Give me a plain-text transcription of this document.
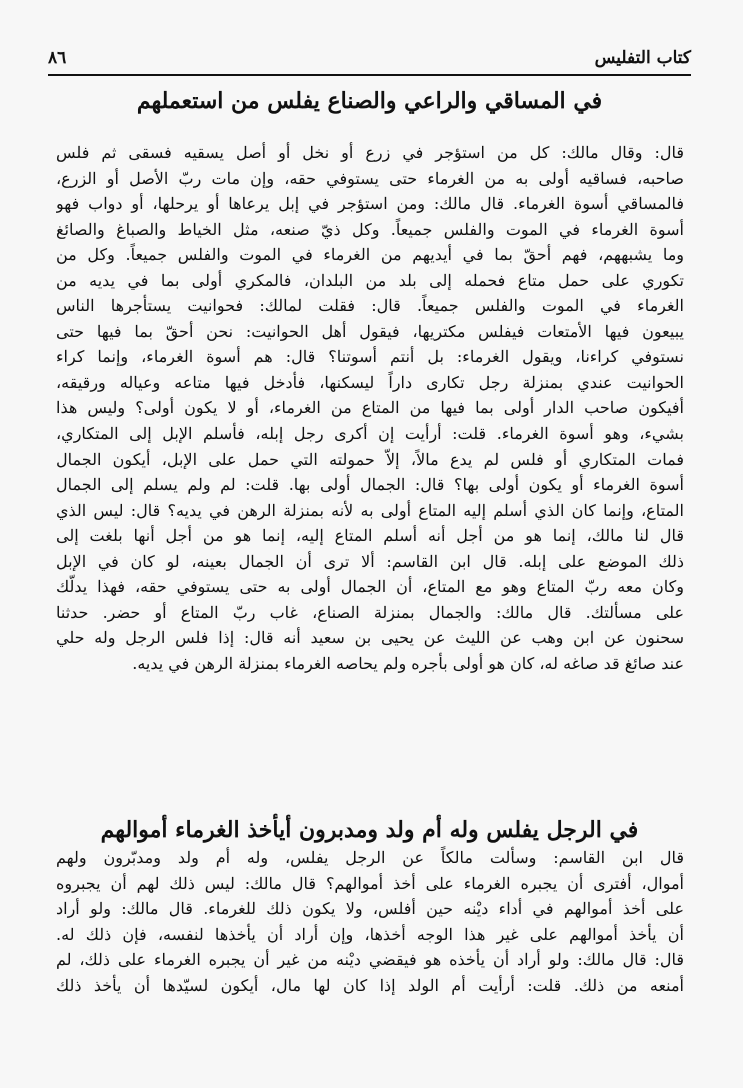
كتاب التفليس
٨٦
في المساقي والراعي والصناع يفلس من استعملهم
قال: وقال مالك: كل من استؤجر في زرع أو نخل أو أصل يسقيه فسقى ثم فلس
صاحبه، فساقيه أولى به من الغرماء حتى يستوفي حقه، وإن مات ربّ الأصل أو الزرع،
فالمساقي أسوة الغرماء. قال مالك: ومن استؤجر في إبل يرعاها أو يرحلها، أو دواب فهو
أسوة الغرماء في الموت والفلس جميعاً. وكل ذيّ صنعه، مثل الخياط والصباغ والصائغ
وما يشبههم، فهم أحقّ بما في أيديهم من الغرماء في الموت والفلس جميعاً. وكل من
تكوري على حمل متاع فحمله إلى بلد من البلدان، فالمكري أولى بما في يديه من
الغرماء في الموت والفلس جميعاً. قال: فقلت لمالك: فحوانيت يستأجرها الناس
يبيعون فيها الأمتعات فيفلس مكتريها، فيقول أهل الحوانيت: نحن أحقّ بما فيها حتى
نستوفي كراءنا، ويقول الغرماء: بل أنتم أسوتنا؟ قال: هم أسوة الغرماء، وإنما كراء
الحوانيت عندي بمنزلة رجل تكارى داراً ليسكنها، فأدخل فيها متاعه وعياله ورقيقه،
أفيكون صاحب الدار أولى بما فيها من المتاع من الغرماء، أو لا يكون أولى؟ وليس هذا
بشيء، وهو أسوة الغرماء. قلت: أرأيت إن أكرى رجل إبله، فأسلم الإبل إلى المتكاري،
فمات المتكاري أو فلس لم يدع مالاً، إلاّ حمولته التي حمل على الإبل، أيكون الجمال
أسوة الغرماء أو يكون أولى بها؟ قال: الجمال أولى بها. قلت: لم ولم يسلم إلى الجمال
المتاع، وإنما كان الذي أسلم إليه المتاع أولى به لأنه بمنزلة الرهن في يديه؟ قال: ليس الذي
قال لنا مالك، إنما هو من أجل أنه أسلم المتاع إليه، إنما هو من أجل أنها بلغت إلى
ذلك الموضع على إبله. قال ابن القاسم: ألا ترى أن الجمال بعينه، لو كان في الإبل
وكان معه ربّ المتاع وهو مع المتاع، أن الجمال أولى به حتى يستوفي حقه، فهذا يدلّك
على مسألتك. قال مالك: والجمال بمنزلة الصناع، غاب ربّ المتاع أو حضر. حدثنا
سحنون عن ابن وهب عن الليث عن يحيى بن سعيد أنه قال: إذا فلس الرجل وله حلي
عند صائغ قد صاغه له، كان هو أولى بأجره ولم يحاصه الغرماء بمنزلة الرهن في يديه.
في الرجل يفلس وله أم ولد ومدبرون أيأخذ الغرماء أموالهم
قال ابن القاسم: وسألت مالكاً عن الرجل يفلس، وله أم ولد ومدبّرون ولهم
أموال، أفترى أن يجبره الغرماء على أخذ أموالهم؟ قال مالك: ليس ذلك لهم أن يجبروه
على أخذ أموالهم في أداء ديْنه حين أفلس، ولا يكون ذلك للغرماء. قال مالك: ولو أراد
أن يأخذ أموالهم على غير هذا الوجه أخذها، وإن أراد أن يأخذها لنفسه، فإن ذلك له.
قال: قال مالك: ولو أراد أن يأخذه هو فيقضي ديْنه من غير أن يجبره الغرماء على ذلك، لم
أمنعه من ذلك. قلت: أرأيت أم الولد إذا كان لها مال، أيكون لسيّدها أن يأخذ ذلك
